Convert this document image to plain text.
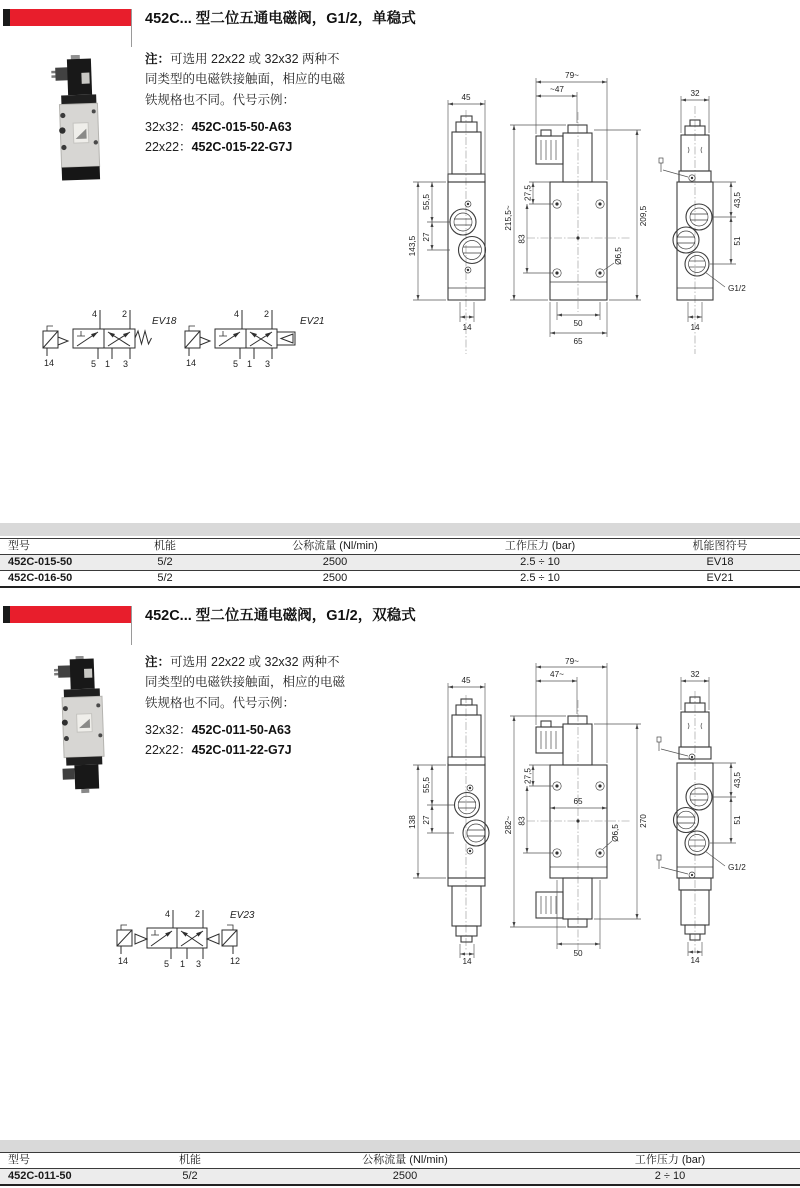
452C... 型二位五通电磁阀，G1/2，单稳式

注：可选用 22x22 或 32x32 两种不同类型的电磁铁接触面，相应的电磁铁规格也不同。代号示例：

32x32：452C-015-50-A63
22x22：452C-015-22-G7J
45
143,5
55,5
27
14
79~
~47
215,5~
27,5
83
209,5
Ø6,5
50
65
32
43,5
51
G1/2
14
4	2
5 1 3
14
EV18
4	2
5 1 3
14
EV21
型号	机能	公称流量 (Nl/min)	工作压力 (bar)	机能图符号
452C-015-50	5/2	2500	2.5 ÷ 10	EV18
452C-016-50	5/2	2500	2.5 ÷ 10	EV21
452C... 型二位五通电磁阀，G1/2，双稳式

注：可选用 22x22 或 32x32 两种不同类型的电磁铁接触面，相应的电磁铁规格也不同。代号示例：

32x32：452C-011-50-A63
22x22：452C-011-22-G7J
45
138
55,5
27
14
79~
47~
282~
27,5
83
65
Ø6,5
270
50
32
43,5
51
G1/2
14
4	2
5 1 3
14	12
EV23
型号	机能	公称流量 (Nl/min)	工作压力 (bar)
452C-011-50	5/2	2500	2 ÷ 10
